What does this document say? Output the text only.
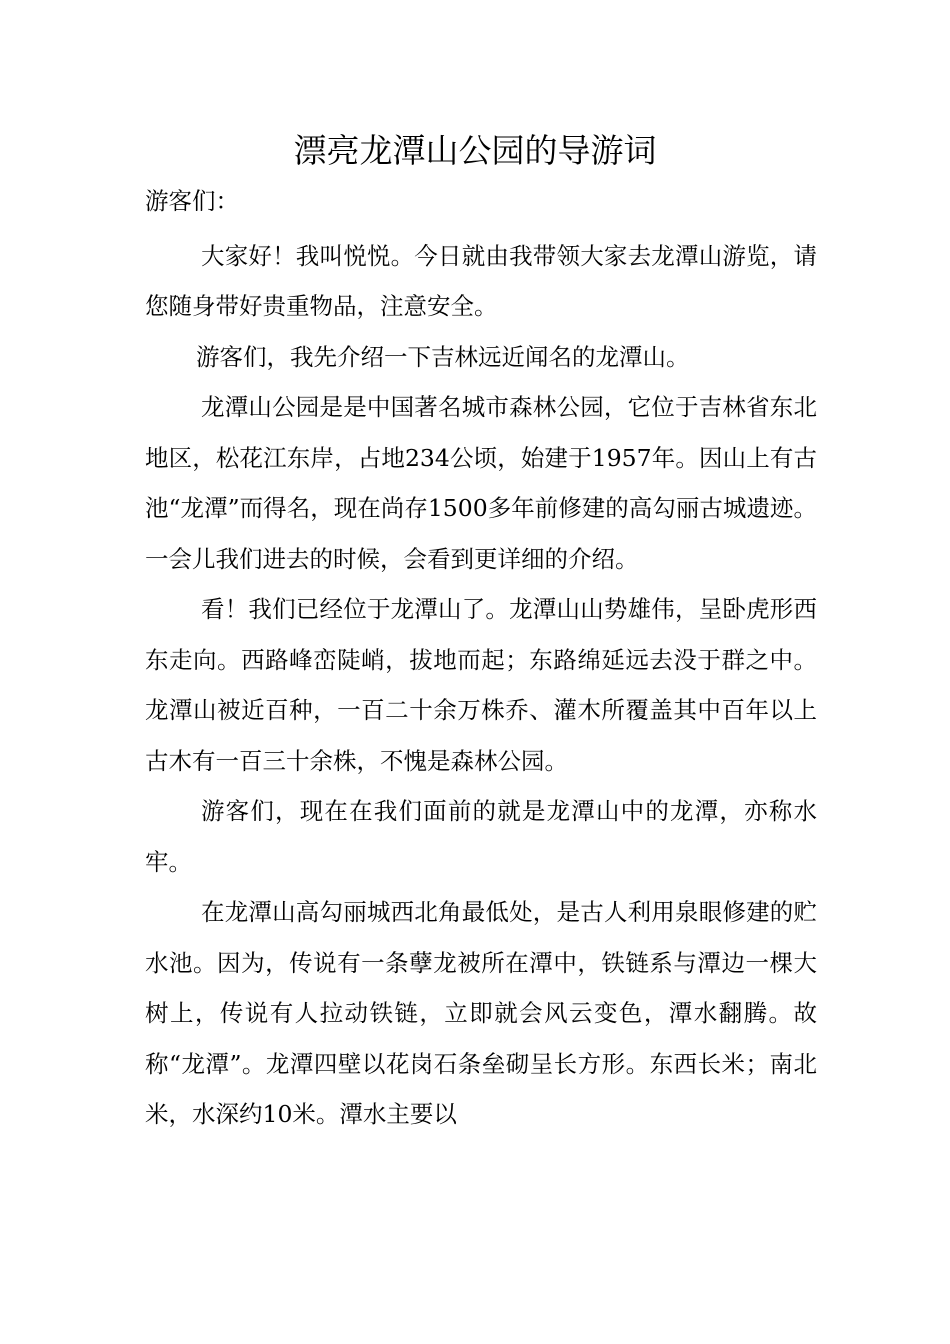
漂亮龙潭山公园的导游词

游客们：

大家好！我叫悦悦。今日就由我带领大家去龙潭山游览，请您随身带好贵重物品，注意安全。

游客们，我先介绍一下吉林远近闻名的龙潭山。

龙潭山公园是是中国著名城市森林公园，它位于吉林省东北地区，松花江东岸，占地234公顷，始建于1957年。因山上有古池“龙潭”而得名，现在尚存1500多年前修建的高勾丽古城遗迹。一会儿我们进去的时候，会看到更详细的介绍。

看！我们已经位于龙潭山了。龙潭山山势雄伟，呈卧虎形西东走向。西路峰峦陡峭，拔地而起；东路绵延远去没于群之中。龙潭山被近百种，一百二十余万株乔、灌木所覆盖其中百年以上古木有一百三十余株，不愧是森林公园。

游客们，现在在我们面前的就是龙潭山中的龙潭，亦称水牢。

在龙潭山高勾丽城西北角最低处，是古人利用泉眼修建的贮水池。因为，传说有一条孽龙被所在潭中，铁链系与潭边一棵大树上，传说有人拉动铁链，立即就会风云变色，潭水翻腾。故称“龙潭”。龙潭四壁以花岗石条垒砌呈长方形。东西长米；南北米，水深约10米。潭水主要以
